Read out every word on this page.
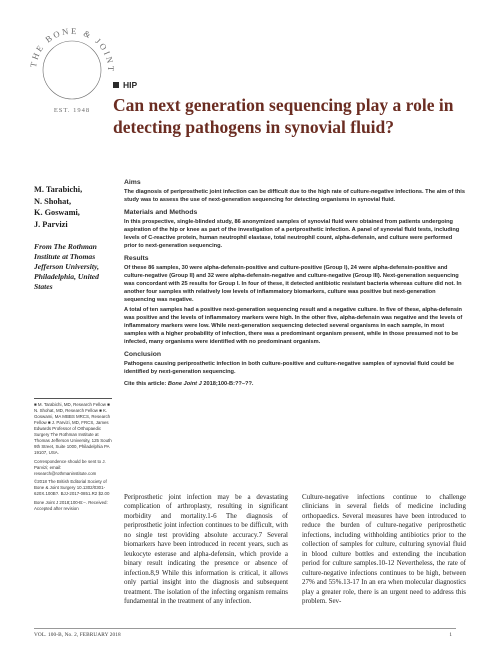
THE BONE & JOINT
EST. 1948
HIP
Can next generation sequencing play a role in detecting pathogens in synovial fluid?
M. Tarabichi,
N. Shohat,
K. Goswami,
J. Parvizi
From The Rothman Institute at Thomas Jefferson University, Philadelphia, United States
Aims

The diagnosis of periprosthetic joint infection can be difficult due to the high rate of culture-negative infections. The aim of this study was to assess the use of next-generation sequencing for detecting organisms in synovial fluid.

Materials and Methods

In this prospective, single-blinded study, 86 anonymized samples of synovial fluid were obtained from patients undergoing aspiration of the hip or knee as part of the investigation of a periprosthetic infection. A panel of synovial fluid tests, including levels of C-reactive protein, human neutrophil elastase, total neutrophil count, alpha-defensin, and culture were performed prior to next-generation sequencing.

Results

Of these 86 samples, 30 were alpha-defensin-positive and culture-positive (Group I), 24 were alpha-defensin-positive and culture-negative (Group II) and 32 were alpha-defensin-negative and culture-negative (Group III). Next-generation sequencing was concordant with 25 results for Group I. In four of these, it detected antibiotic resistant bacteria whereas culture did not. In another four samples with relatively low levels of inflammatory biomarkers, culture was positive but next-generation sequencing was negative.

A total of ten samples had a positive next-generation sequencing result and a negative culture. In five of these, alpha-defensin was positive and the levels of inflammatory markers were high. In the other five, alpha-defensin was negative and the levels of inflammatory markers were low. While next-generation sequencing detected several organisms in each sample, in most samples with a higher probability of infection, there was a predominant organism present, while in those presumed not to be infected, many organisms were identified with no predominant organism.

Conclusion

Pathogens causing periprosthetic infection in both culture-positive and culture-negative samples of synovial fluid could be identified by next-generation sequencing.

Cite this article: Bone Joint J 2018;100-B:??–??.

■ M. Tarabichi, MD, Research Fellow ■ N. Shohat, MD, Research Fellow ■ K. Goswami, MA MBBS MRCS, Research Fellow ■ J. Parvizi, MD, FRCS, James Edwards Professor of Orthopaedic Surgery The Rothman Institute at Thomas Jefferson University, 125 South 9th Street, Suite 1000, Philadelphia PA 19107, USA.

Correspondence should be sent to J. Parvizi; email: research@rothmaninstitute.com

©2018 The British Editorial Society of Bone & Joint Surgery 10.1302/0301-620X.100B?. BJJ-2017-0851.R2 $2.00

Bone Joint J 2018;100-B:–. Received: Accepted after revision

Periprosthetic joint infection may be a devastating complication of arthroplasty, resulting in significant morbidity and mortality.1-6 The diagnosis of periprosthetic joint infection continues to be difficult, with no single test providing absolute accuracy.7 Several biomarkers have been introduced in recent years, such as leukocyte esterase and alpha-defensin, which provide a binary result indicating the presence or absence of infection.8,9 While this information is critical, it allows only partial insight into the diagnosis and subsequent treatment. The isolation of the infecting organism remains fundamental in the treatment of any infection.
Culture-negative infections continue to challenge clinicians in several fields of medicine including orthopaedics. Several measures have been introduced to reduce the burden of culture-negative periprosthetic infections, including withholding antibiotics prior to the collection of samples for culture, culturing synovial fluid in blood culture bottles and extending the incubation period for culture samples.10-12 Nevertheless, the rate of culture-negative infections continues to be high, between 27% and 55%.13-17 In an era when molecular diagnostics play a greater role, there is an urgent need to address this problem. Sev-
VOL. 100-B, No. 2, FEBRUARY 2018	1
